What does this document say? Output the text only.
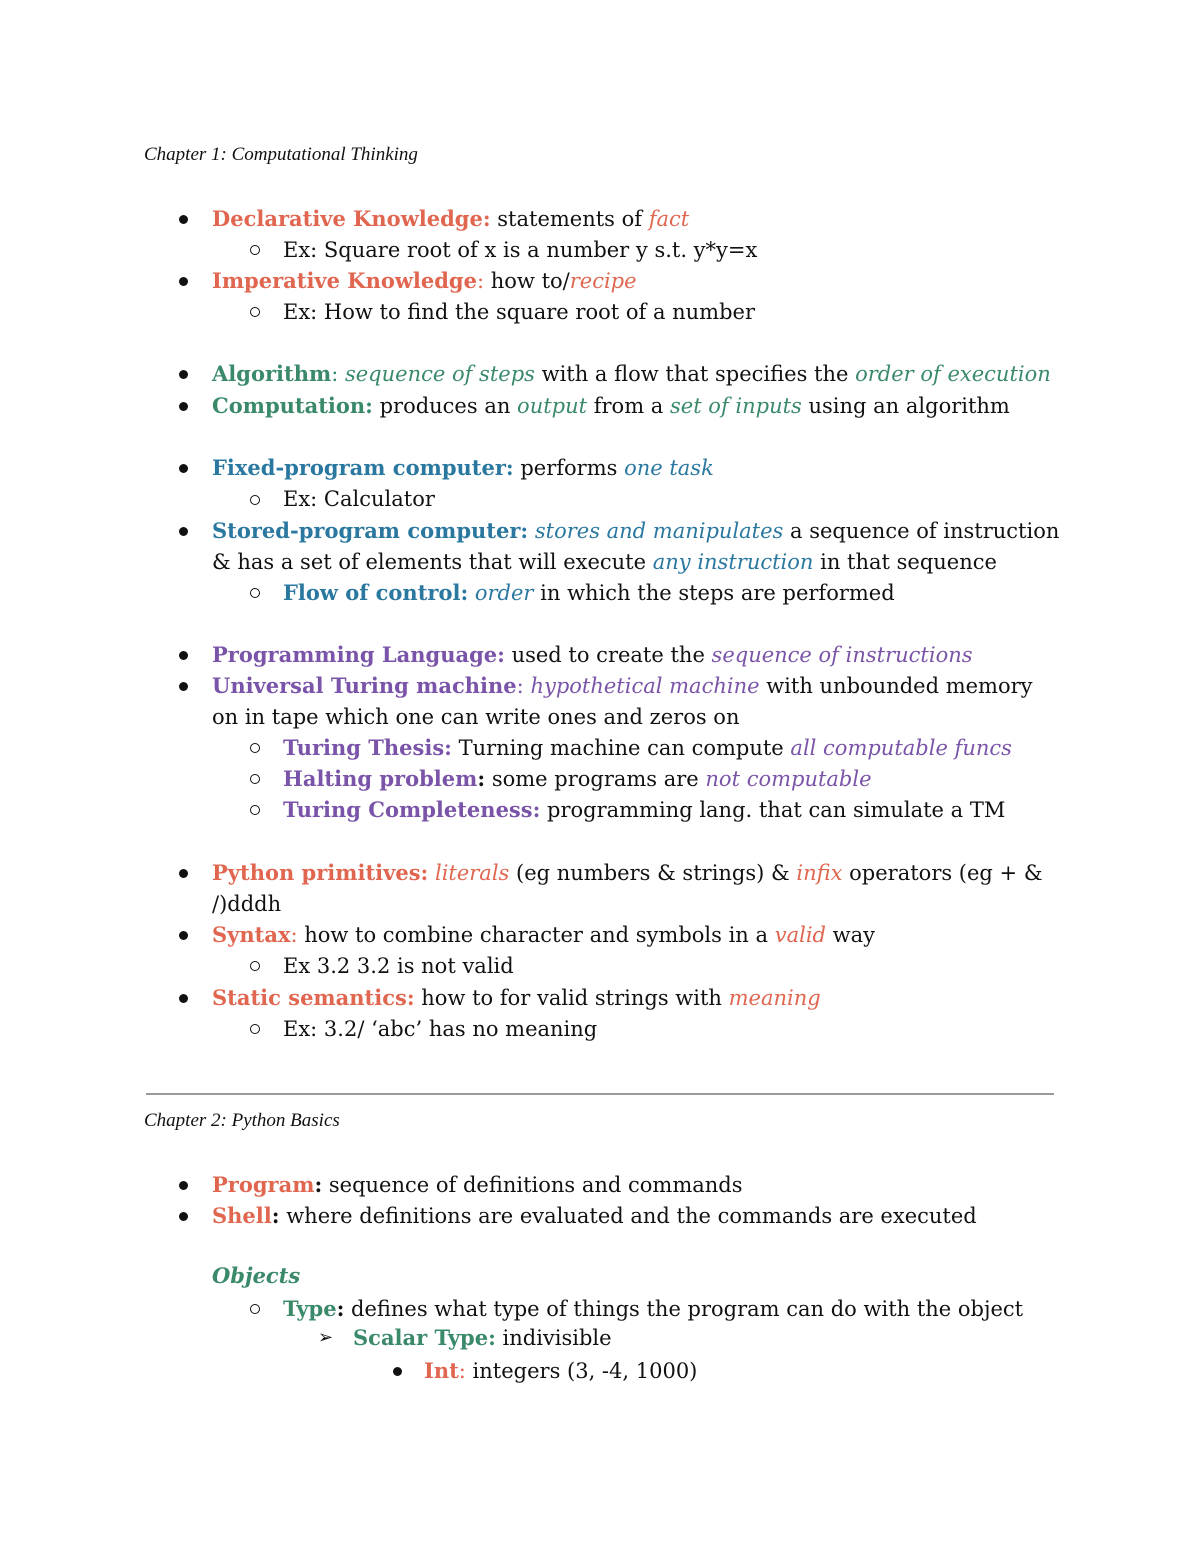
Chapter 1: Computational Thinking
Declarative Knowledge: statements of fact
Ex: Square root of x is a number y s.t. y*y=x
Imperative Knowledge: how to/recipe
Ex: How to find the square root of a number
Algorithm: sequence of steps with a flow that specifies the order of execution
Computation: produces an output from a set of inputs using an algorithm
Fixed-program computer: performs one task
Ex: Calculator
Stored-program computer: stores and manipulates a sequence of instruction
& has a set of elements that will execute any instruction in that sequence
Flow of control: order in which the steps are performed
Programming Language: used to create the sequence of instructions
Universal Turing machine: hypothetical machine with unbounded memory
on in tape which one can write ones and zeros on
Turing Thesis: Turning machine can compute all computable funcs
Halting problem: some programs are not computable
Turing Completeness: programming lang. that can simulate a TM
Python primitives: literals (eg numbers & strings) & infix operators (eg + &
/)dddh
Syntax: how to combine character and symbols in a valid way
Ex 3.2 3.2 is not valid
Static semantics: how to for valid strings with meaning
Ex: 3.2/ ‘abc’ has no meaning
Chapter 2: Python Basics
Program: sequence of definitions and commands
Shell: where definitions are evaluated and the commands are executed
Objects
Type: defines what type of things the program can do with the object
➢ Scalar Type: indivisible
Int: integers (3, -4, 1000)
